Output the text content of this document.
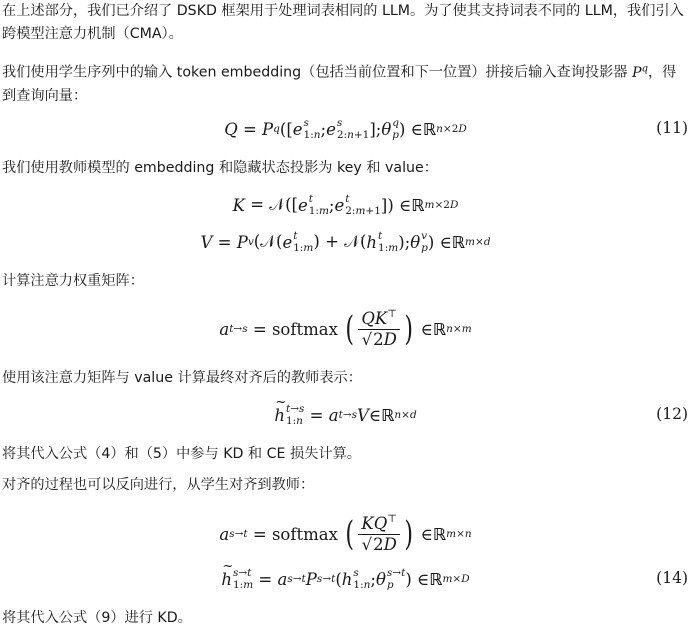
在上述部分，我们已介绍了 DSKD 框架用于处理词表相同的 LLM。为了使其支持词表不同的 LLM，我们引入跨模型注意力机制（CMA）。

我们使用学生序列中的输入 token embedding（包括当前位置和下一位置）拼接后输入查询投影器 $P^q$，得到查询向量：

Q = P q ([ e s
1:n ; e s
2:n+1 ]; θ q
p ) ∈ ℝ n×2D	(11)

我们使用教师模型的 embedding 和隐藏状态投影为 key 和 value：

K = 𝒩([ e t
1:m ; e t
2:m+1 ]) ∈ ℝ m×2D
V = P v (𝒩( e t
1:m ) + 𝒩( h t
1:m ); θ v
p ) ∈ ℝ m×d

计算注意力权重矩阵：

a t→s = softmax
( $\frac{QK^⊤}{√2D}$ ) ∈ ℝ n×m

使用该注意力矩阵与 value 计算最终对齐后的教师表示：

~ h t→s
1:n = a t→s V ∈ ℝ n×d	(12)

将其代入公式（4）和（5）中参与 KD 和 CE 损失计算。

对齐的过程也可以反向进行，从学生对齐到教师：

a s→t = softmax
( $\frac{KQ^⊤}{√2D}$ ) ∈ ℝ m×n
~ h s→t
1:m = a s→t P s→t ( h s
1:n ; θ s→t
p ) ∈ ℝ m×D	(14)

将其代入公式（9）进行 KD。
